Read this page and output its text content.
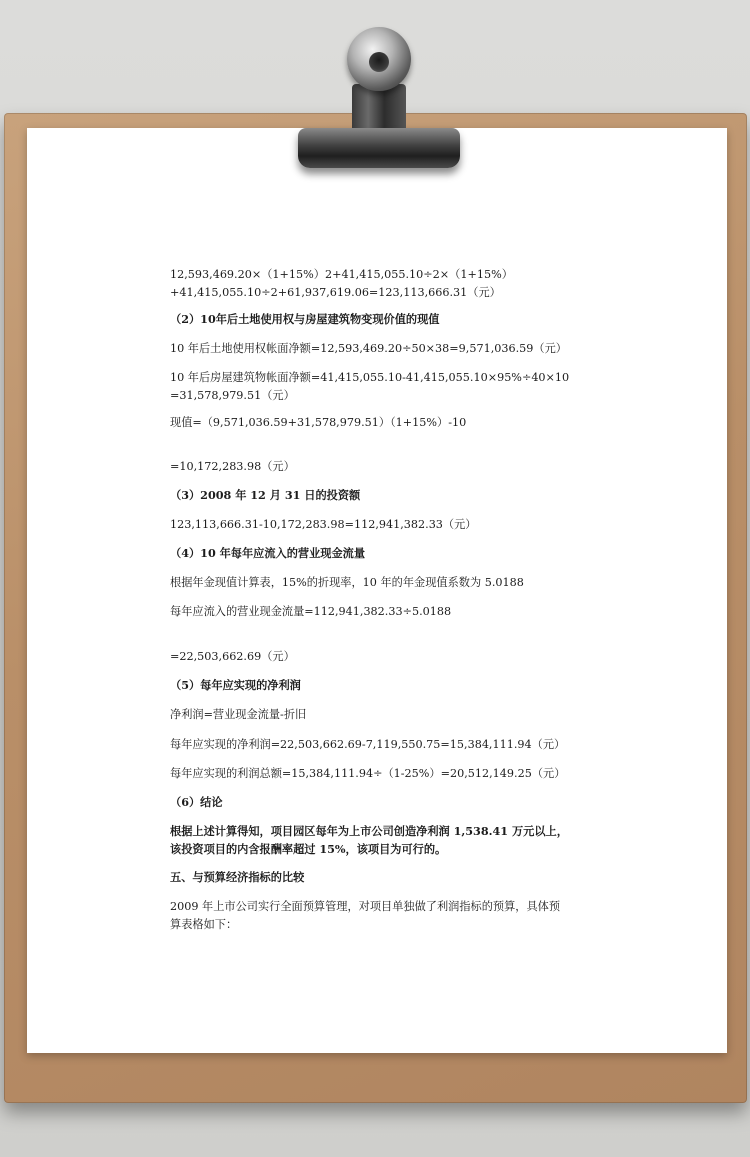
12,593,469.20×（1+15%）2+41,415,055.10÷2×（1+15%）
+41,415,055.10÷2+61,937,619.06=123,113,666.31（元）
（2）10年后土地使用权与房屋建筑物变现价值的现值
10 年后土地使用权帐面净额=12,593,469.20÷50×38=9,571,036.59（元）
10 年后房屋建筑物帐面净额=41,415,055.10-41,415,055.10×95%÷40×10
=31,578,979.51（元）
现值=（9,571,036.59+31,578,979.51）（1+15%）-10
=10,172,283.98（元）
（3）2008 年 12 月 31 日的投资额
123,113,666.31-10,172,283.98=112,941,382.33（元）
（4）10 年每年应流入的营业现金流量
根据年金现值计算表，15%的折现率，10 年的年金现值系数为 5.0188
每年应流入的营业现金流量=112,941,382.33÷5.0188
=22,503,662.69（元）
（5）每年应实现的净利润
净利润=营业现金流量-折旧
每年应实现的净利润=22,503,662.69-7,119,550.75=15,384,111.94（元）
每年应实现的利润总额=15,384,111.94÷（1-25%）=20,512,149.25（元）
（6）结论
根据上述计算得知，项目园区每年为上市公司创造净利润 1,538.41 万元以上，
该投资项目的内含报酬率超过 15%，该项目为可行的。
五、与预算经济指标的比较
2009 年上市公司实行全面预算管理，对项目单独做了利润指标的预算，具体预
算表格如下：
